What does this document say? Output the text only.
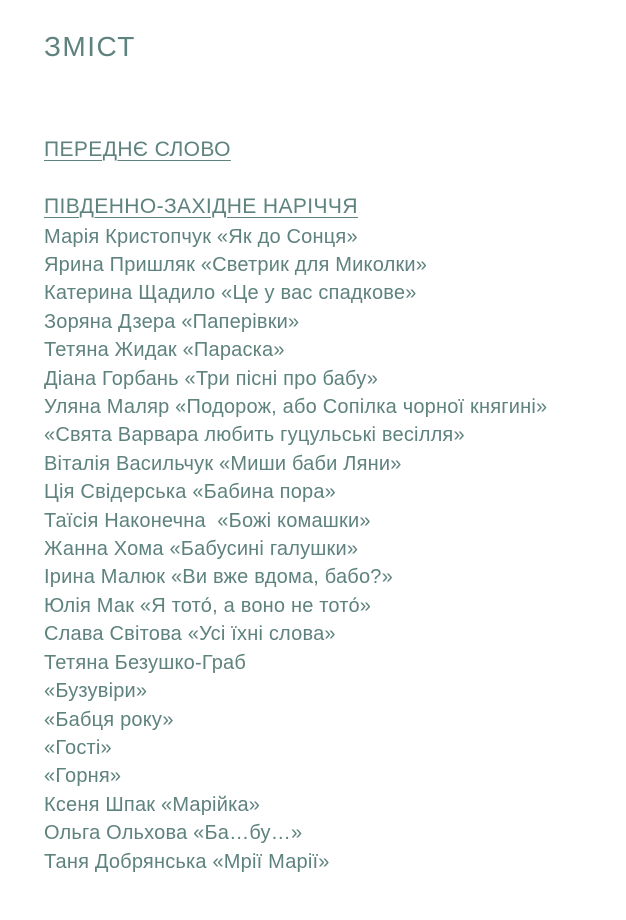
ЗМІСТ
ПЕРЕДНЄ СЛОВО
ПІВДЕННО-ЗАХІДНЕ НАРІЧЧЯ
Марія Кристопчук «Як до Сонця»
Ярина Пришляк «Светрик для Миколки»
Катерина Щадило «Це у вас спадкове»
Зоряна Дзера «Паперівки»
Тетяна Жидак «Параска»
Діана Горбань «Три пісні про бабу»
Уляна Маляр «Подорож, або Сопілка чорної княгині»
«Свята Варвара любить гуцульські весілля»
Віталія Васильчук «Миши баби Ляни»
Ція Свідерська «Бабина пора»
Таїсія Наконечна  «Божі комашки»
Жанна Хома «Бабусині галушки»
Ірина Малюк «Ви вже вдома, бабо?»
Юлія Мак «Я тото́, а воно не тото́»
Слава Світова «Усі їхні слова»
Тетяна Безушко-Граб
«Бузувіри»
«Бабця року»
«Гості»
«Горня»
Ксеня Шпак «Марійка»
Ольга Ольхова «Ба…бу…»
Таня Добрянська «Мрії Марії»
